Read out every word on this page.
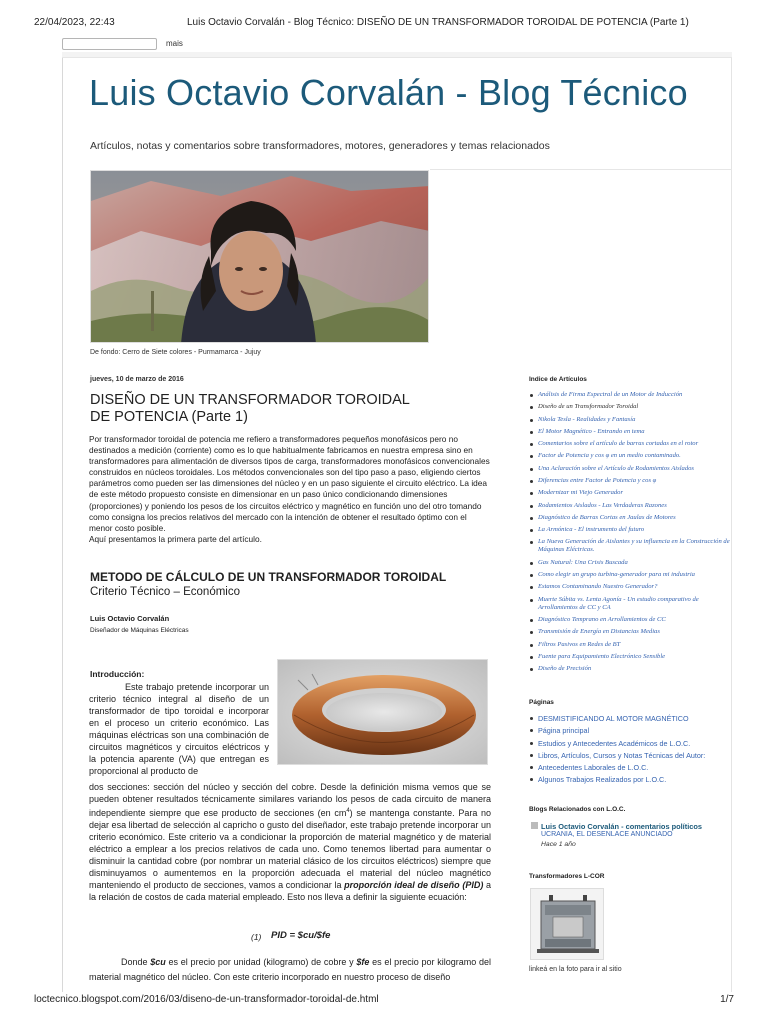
22/04/2023, 22:43	Luis Octavio Corvalán - Blog Técnico: DISEÑO DE UN TRANSFORMADOR TOROIDAL DE POTENCIA (Parte 1)
mais
Luis Octavio Corvalán - Blog Técnico
Artículos, notas y comentarios sobre transformadores, motores, generadores y temas relacionados
De fondo: Cerro de Siete colores - Purmamarca - Jujuy
jueves, 10 de marzo de 2016
DISEÑO DE UN TRANSFORMADOR TOROIDAL DE POTENCIA (Parte 1)
Por transformador toroidal de potencia me refiero a transformadores pequeños monofásicos pero no destinados a medición (corriente) como es lo que habitualmente fabricamos en nuestra empresa sino en transformadores para alimentación de diversos tipos de carga, transformadores monofásicos convencionales construidos en núcleos toroidales. Los métodos convencionales son del tipo paso a paso, eligiendo ciertos parámetros como pueden ser las dimensiones del núcleo y en un paso siguiente el circuito eléctrico. La idea de este método propuesto consiste en dimensionar en un paso único condicionando dimensiones (proporciones) y poniendo los pesos de los circuitos eléctrico y magnético en función uno del otro tomando como consigna los precios relativos del mercado con la intención de obtener el resultado óptimo con el menor costo posible.
Aquí presentamos la primera parte del artículo.
METODO DE CÁLCULO DE UN TRANSFORMADOR TOROIDAL
Criterio Técnico – Económico
Luis Octavio Corvalán
Diseñador de Máquinas Eléctricas
Introducción:
Este trabajo pretende incorporar un criterio técnico integral al diseño de un transformador de tipo toroidal e incorporar en el proceso un criterio económico. Las máquinas eléctricas son una combinación de circuitos magnéticos y circuitos eléctricos y la potencia aparente (VA) que entregan es proporcional al producto de
dos secciones: sección del núcleo y sección del cobre. Desde la definición misma vemos que se pueden obtener resultados técnicamente similares variando los pesos de cada circuito de manera independiente siempre que ese producto de secciones (en $cm^4$) se mantenga constante. Para no dejar esa libertad de selección al capricho o gusto del diseñador, este trabajo pretende incorporar un criterio económico. Este criterio va a condicionar la proporción de material magnético y de material eléctrico a emplear a los precios relativos de cada uno. Como tenemos libertad para aumentar o disminuir la cantidad cobre (por nombrar un material clásico de los circuitos eléctricos) siempre que disminuyamos o aumentemos en la proporción adecuada el material del núcleo magnético manteniendo el producto de secciones, vamos a condicionar la proporción ideal de diseño (PID) a la relación de costos de cada material empleado. Esto nos lleva a definir la siguiente ecuación:
(1) PID = $cu/$fe
Donde $cu es el precio por unidad (kilogramo) de cobre y $fe es el precio por kilogramo del material magnético del núcleo. Con este criterio incorporado en nuestro proceso de diseño
Indice de Artículos
Análisis de Firma Espectral de un Motor de Inducción
Diseño de un Transformador Toroidal
Nikola Tesla - Realidades y Fantasía
El Motor Magnético - Entrando en tema
Comentarios sobre el artículo de barras cortadas en el rotor
Factor de Potencia y cos φ en un medio contaminado.
Una Aclaración sobre el Artículo de Rodamientos Aislados
Diferencias entre Factor de Potencia y cos φ
Modernizar mi Viejo Generador
Rodamientos Aislados - Las Verdaderas Razones
Diagnóstico de Barras Cortas en Jaulas de Motores
La Armónica - El instrumento del futuro
La Nueva Generación de Aislantes y su influencia en la Construcción de Máquinas Eléctricas.
Gas Natural: Una Crisis Buscada
Como elegir un grupo turbina-generador para mi industria
Estamos Contaminando Nuestro Generador?
Muerte Súbita vs. Lenta Agonía - Un estudio comparativo de Arrollamientos de CC y CA
Diagnóstico Temprano en Arrollamientos de CC
Transmisión de Energía en Distancias Medias
Filtros Pasivos en Redes de BT
Fuente para Equipamiento Electrónico Sensible
Diseño de Precisión
Páginas
DESMISTIFICANDO AL MOTOR MAGNÉTICO
Página principal
Estudios y Antecedentes Académicos de L.O.C.
Libros, Artículos, Cursos y Notas Técnicas del Autor:
Antecedentes Laborales de L.O.C.
Algunos Trabajos Realizados por L.O.C.
Blogs Relacionados con L.O.C.
Luis Octavio Corvalán - comentarios políticos
UCRANIA, EL DESENLACE ANUNCIADO
Hace 1 año
Transformadores L-COR
linkeá en la foto para ir al sitio
loctecnico.blogspot.com/2016/03/diseno-de-un-transformador-toroidal-de.html	1/7
